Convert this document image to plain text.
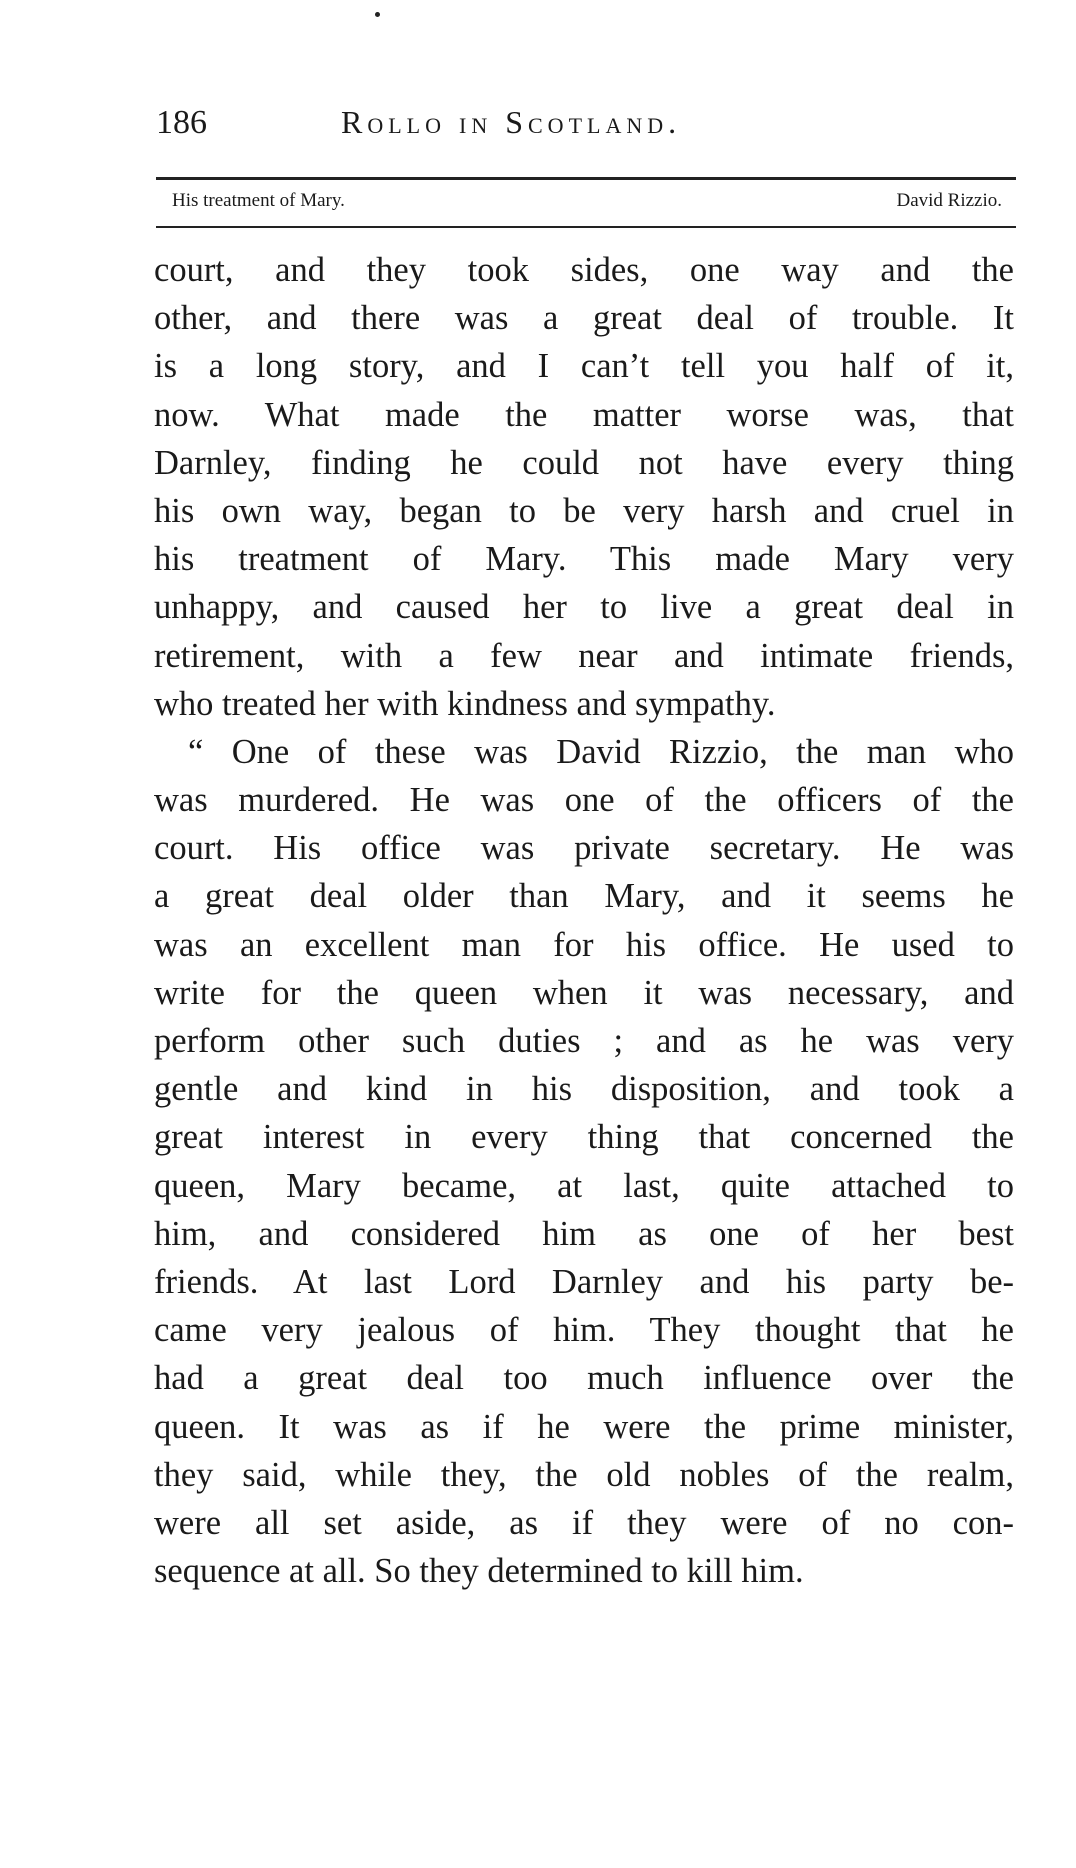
186	Rollo in Scotland.
His treatment of Mary.	David Rizzio.
court, and they took sides, one way and the
other, and there was a great deal of trouble. It
is a long story, and I can’t tell you half of it,
now. What made the matter worse was, that
Darnley, finding he could not have every thing
his own way, began to be very harsh and cruel in
his treatment of Mary. This made Mary very
unhappy, and caused her to live a great deal in
retirement, with a few near and intimate friends,
who treated her with kindness and sympathy.
“ One of these was David Rizzio, the man who
was murdered. He was one of the officers of the
court. His office was private secretary. He was
a great deal older than Mary, and it seems he
was an excellent man for his office. He used to
write for the queen when it was necessary, and
perform other such duties ; and as he was very
gentle and kind in his disposition, and took a
great interest in every thing that concerned the
queen, Mary became, at last, quite attached to
him, and considered him as one of her best
friends. At last Lord Darnley and his party be-
came very jealous of him. They thought that he
had a great deal too much influence over the
queen. It was as if he were the prime minister,
they said, while they, the old nobles of the realm,
were all set aside, as if they were of no con-
sequence at all. So they determined to kill him.
